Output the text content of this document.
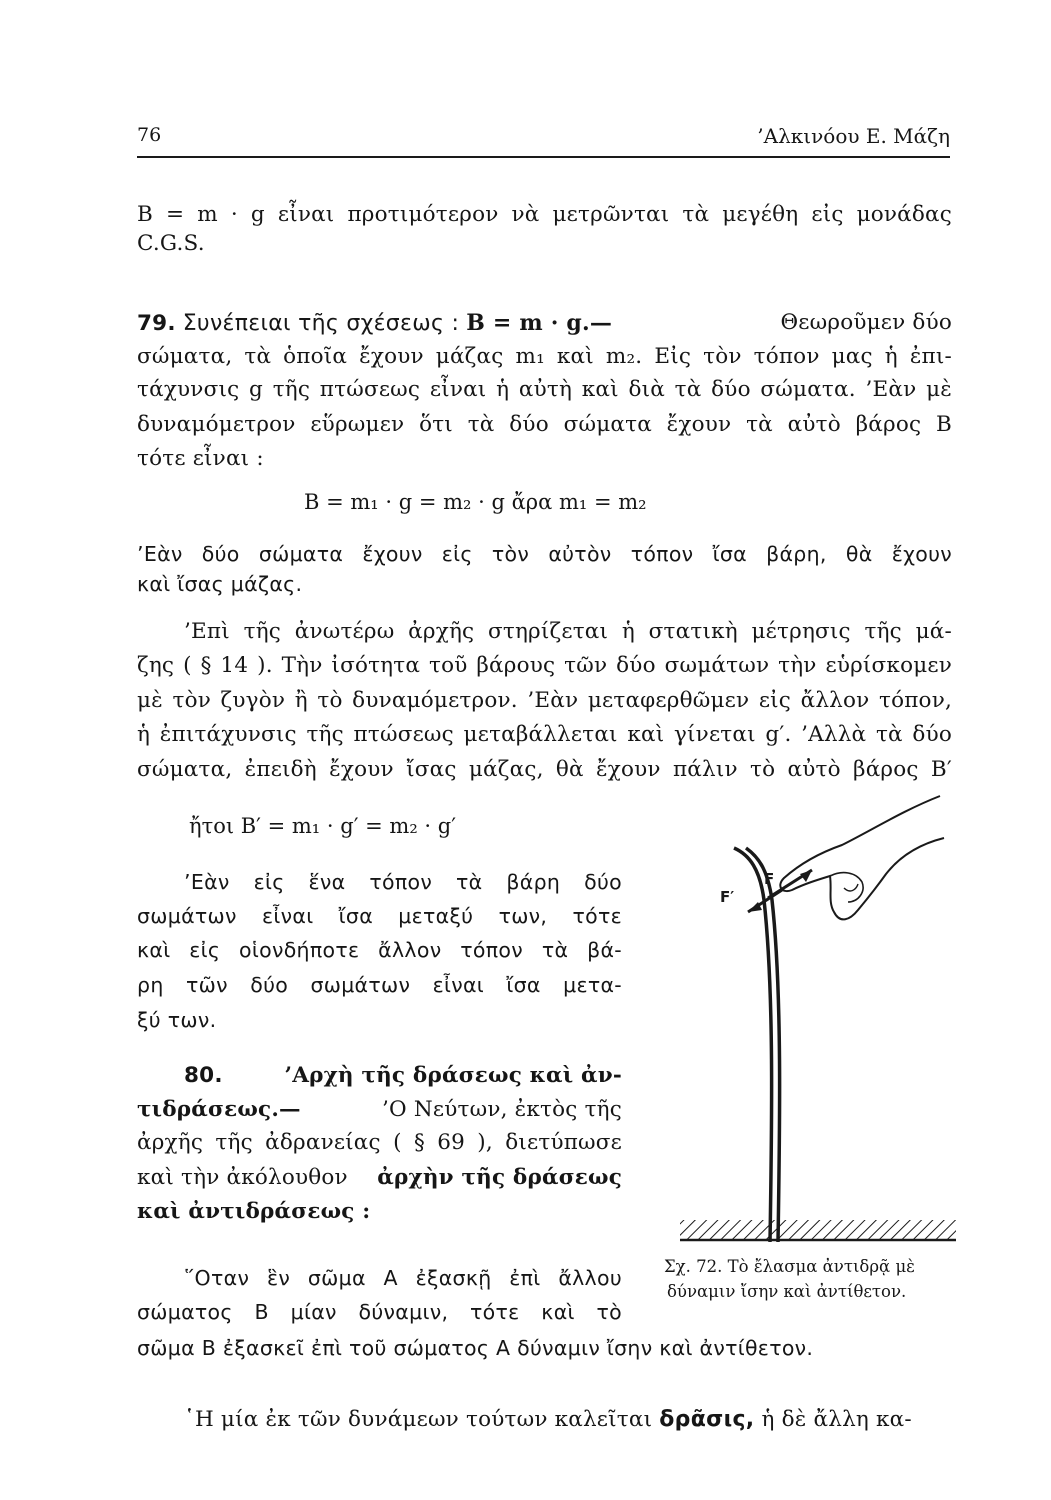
76	’Αλκινόου Ε. Μάζη
B = m · g εἶναι προτιμότερον νὰ μετρῶνται τὰ μεγέθη εἰς μονάδας
C.G.S.
79. Συνέπειαι τῆς σχέσεως : B = m · g.—	Θεωροῦμεν δύο
σώματα, τὰ ὁποῖα ἔχουν μάζας m₁ καὶ m₂. Εἰς τὸν τόπον μας ἡ ἐπι-
τάχυνσις g τῆς πτώσεως εἶναι ἡ αὐτὴ καὶ διὰ τὰ δύο σώματα. ’Εὰν μὲ
δυναμόμετρον εὕρωμεν ὅτι τὰ δύο σώματα ἔχουν τὰ αὐτὸ βάρος B
τότε εἶναι :
B = m₁ · g = m₂ · g ἄρα m₁ = m₂
’Εὰν δύο σώματα ἔχουν εἰς τὸν αὐτὸν τόπον ἴσα βάρη, θὰ ἔχουν
καὶ ἴσας μάζας.
’Επὶ τῆς ἀνωτέρω ἀρχῆς στηρίζεται ἡ στατικὴ μέτρησις τῆς μά-
ζης ( § 14 ). Τὴν ἰσότητα τοῦ βάρους τῶν δύο σωμάτων τὴν εὑρίσκομεν
μὲ τὸν ζυγὸν ἢ τὸ δυναμόμετρον. ’Εὰν μεταφερθῶμεν εἰς ἄλλον τόπον,
ἡ ἐπιτάχυνσις τῆς πτώσεως μεταβάλλεται καὶ γίνεται g′. ’Αλλὰ τὰ δύο
σώματα, ἐπειδὴ ἔχουν ἴσας μάζας, θὰ ἔχουν πάλιν τὸ αὐτὸ βάρος B′
ἤτοι B′ = m₁ · g′ = m₂ · g′
’Εὰν εἰς ἕνα τόπον τὰ βάρη δύο
σωμάτων εἶναι ἴσα μεταξύ των, τότε
καὶ εἰς οἱονδήποτε ἄλλον τόπον τὰ βά-
ρη τῶν δύο σωμάτων εἶναι ἴσα μετα-
ξύ των.
80.	’Αρχὴ τῆς δράσεως καὶ ἀν-
τιδράσεως.—	’Ο Νεύτων, ἐκτὸς τῆς
ἀρχῆς τῆς ἀδρανείας ( § 69 ), διετύπωσε
καὶ τὴν ἀκόλουθον ἀρχὴν τῆς δράσεως
καὶ ἀντιδράσεως :
῞Οταν ἓν σῶμα Α ἐξασκῇ ἐπὶ ἄλλου
σώματος Β μίαν δύναμιν, τότε καὶ τὸ
σῶμα Β ἐξασκεῖ ἐπὶ τοῦ σώματος Α δύναμιν ἴσην καὶ ἀντίθετον.
῾Η μία ἐκ τῶν δυνάμεων τούτων καλεῖται δρᾶσις, ἡ δὲ ἄλλη κα-
F
F′
Σχ. 72. Τὸ ἔλασμα ἀντιδρᾷ μὲ
δύναμιν ἴσην καὶ ἀντίθετον.
